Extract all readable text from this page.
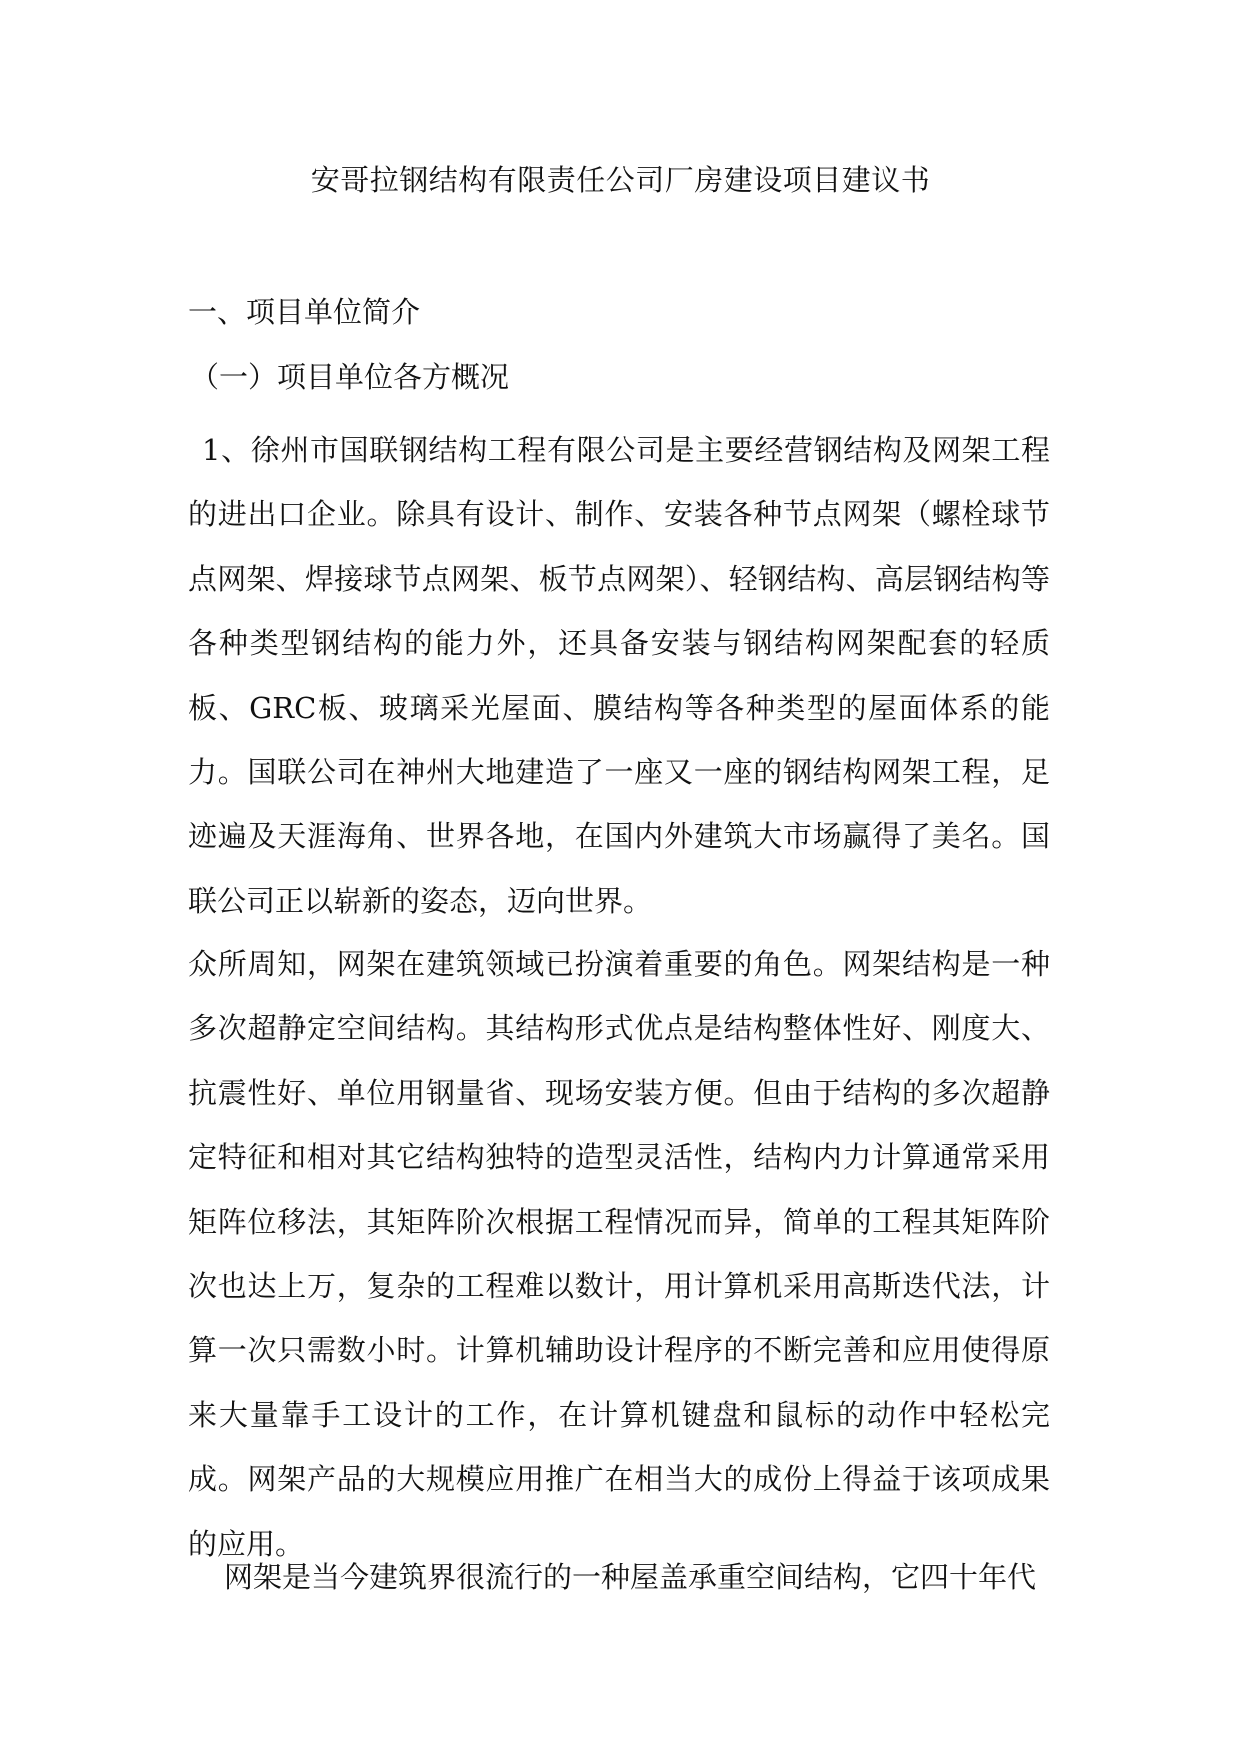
安哥拉钢结构有限责任公司厂房建设项目建议书
一、项目单位简介
（一）项目单位各方概况
1、徐州市国联钢结构工程有限公司是主要经营钢结构及网架工程的进出口企业。除具有设计、制作、安装各种节点网架（螺栓球节点网架、焊接球节点网架、板节点网架）、轻钢结构、高层钢结构等各种类型钢结构的能力外，还具备安装与钢结构网架配套的轻质板、GRC板、玻璃采光屋面、膜结构等各种类型的屋面体系的能力。国联公司在神州大地建造了一座又一座的钢结构网架工程，足迹遍及天涯海角、世界各地，在国内外建筑大市场赢得了美名。国联公司正以崭新的姿态，迈向世界。
众所周知，网架在建筑领域已扮演着重要的角色。网架结构是一种多次超静定空间结构。其结构形式优点是结构整体性好、刚度大、抗震性好、单位用钢量省、现场安装方便。但由于结构的多次超静定特征和相对其它结构独特的造型灵活性，结构内力计算通常采用矩阵位移法，其矩阵阶次根据工程情况而异，简单的工程其矩阵阶次也达上万，复杂的工程难以数计，用计算机采用高斯迭代法，计算一次只需数小时。计算机辅助设计程序的不断完善和应用使得原来大量靠手工设计的工作，在计算机键盘和鼠标的动作中轻松完成。网架产品的大规模应用推广在相当大的成份上得益于该项成果的应用。
网架是当今建筑界很流行的一种屋盖承重空间结构，它四十年代
